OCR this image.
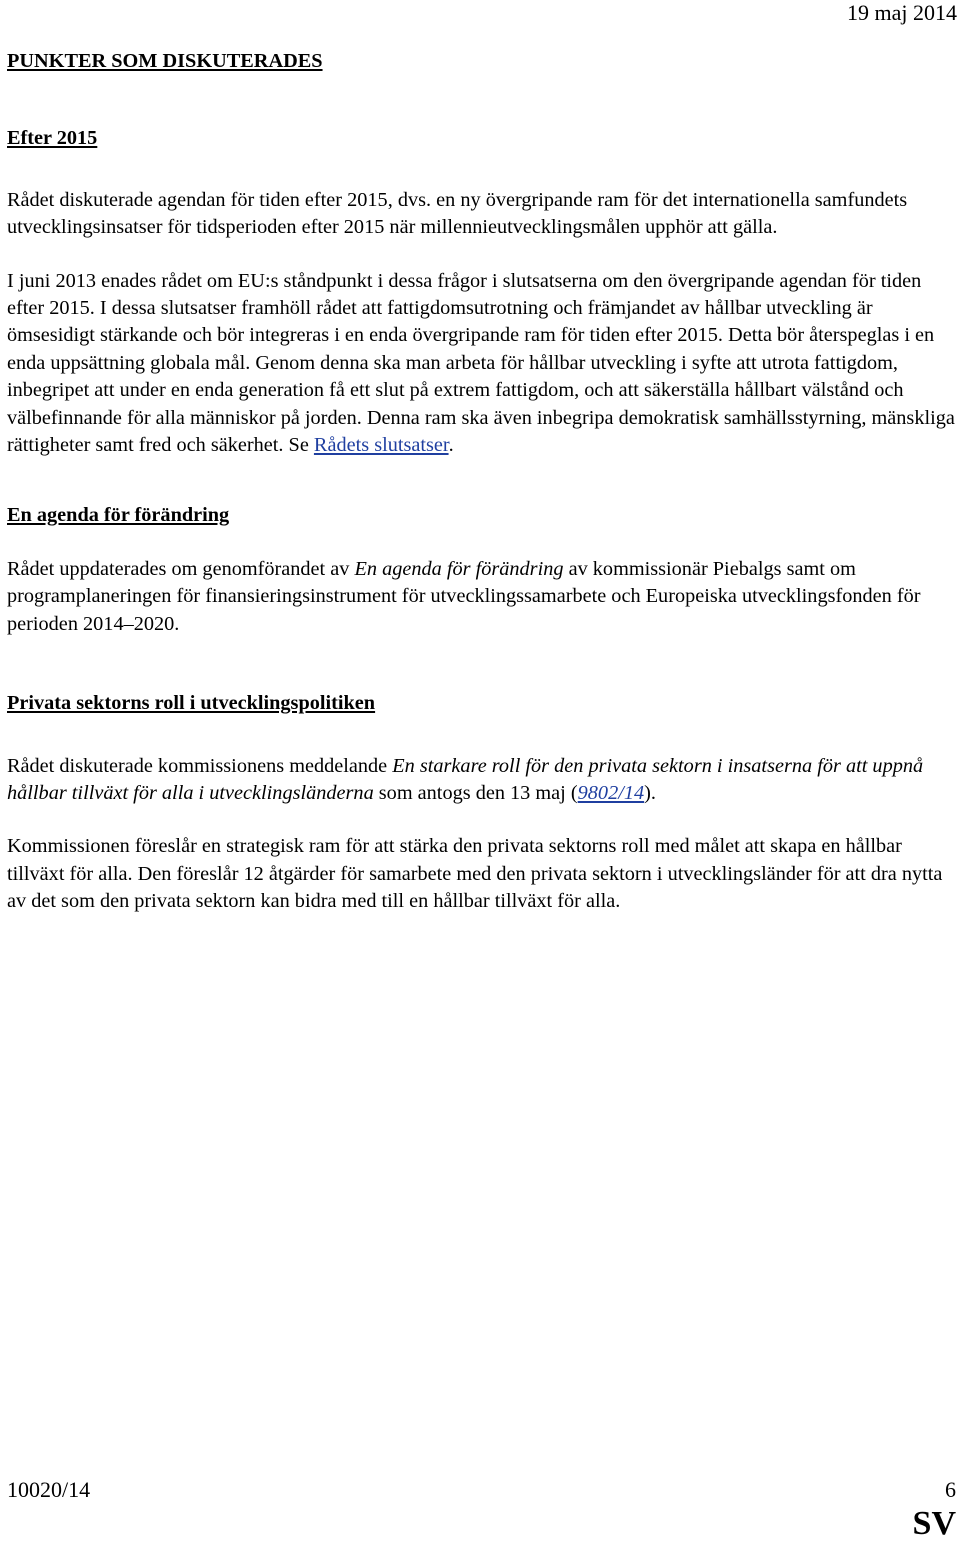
19 maj 2014

PUNKTER SOM DISKUTERADES

Efter 2015

Rådet diskuterade agendan för tiden efter 2015, dvs. en ny övergripande ram för det internationella samfundets utvecklingsinsatser för tidsperioden efter 2015 när millennieutvecklingsmålen upphör att gälla.

I juni 2013 enades rådet om EU:s ståndpunkt i dessa frågor i slutsatserna om den övergripande agendan för tiden efter 2015. I dessa slutsatser framhöll rådet att fattigdomsutrotning och främjandet av hållbar utveckling är ömsesidigt stärkande och bör integreras i en enda övergripande ram för tiden efter 2015. Detta bör återspeglas i en enda uppsättning globala mål. Genom denna ska man arbeta för hållbar utveckling i syfte att utrota fattigdom, inbegripet att under en enda generation få ett slut på extrem fattigdom, och att säkerställa hållbart välstånd och välbefinnande för alla människor på jorden. Denna ram ska även inbegripa demokratisk samhällsstyrning, mänskliga rättigheter samt fred och säkerhet. Se Rådets slutsatser.

En agenda för förändring

Rådet uppdaterades om genomförandet av En agenda för förändring av kommissionär Piebalgs samt om programplaneringen för finansieringsinstrument för utvecklingssamarbete och Europeiska utvecklingsfonden för perioden 2014–2020.

Privata sektorns roll i utvecklingspolitiken

Rådet diskuterade kommissionens meddelande En starkare roll för den privata sektorn i insatserna för att uppnå hållbar tillväxt för alla i utvecklingsländerna som antogs den 13 maj (9802/14).

Kommissionen föreslår en strategisk ram för att stärka den privata sektorns roll med målet att skapa en hållbar tillväxt för alla. Den föreslår 12 åtgärder för samarbete med den privata sektorn i utvecklingsländer för att dra nytta av det som den privata sektorn kan bidra med till en hållbar tillväxt för alla.

10020/14	6
SV
